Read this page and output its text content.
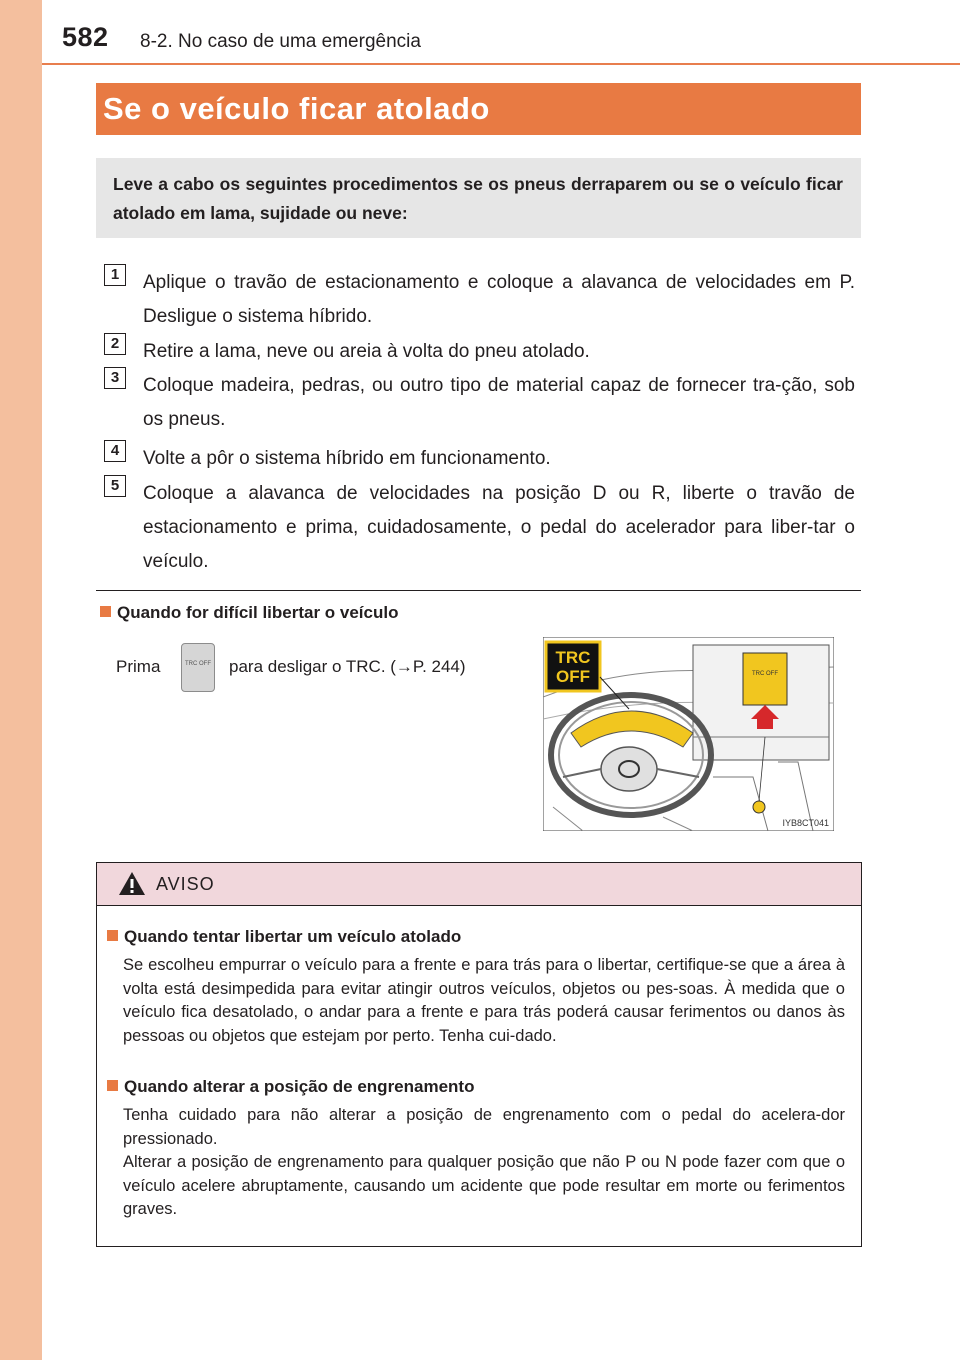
582 8-2. No caso de uma emergência
Se o veículo ficar atolado
Leve a cabo os seguintes procedimentos se os pneus derraparem ou se o veículo ficar atolado em lama, sujidade ou neve:
1	Aplique o travão de estacionamento e coloque a alavanca de velocidades em P. Desligue o sistema híbrido.
2	Retire a lama, neve ou areia à volta do pneu atolado.
3	Coloque madeira, pedras, ou outro tipo de material capaz de fornecer tra-ção, sob os pneus.
4	Volte a pôr o sistema híbrido em funcionamento.
5	Coloque a alavanca de velocidades na posição D ou R, liberte o travão de estacionamento e prima, cuidadosamente, o pedal do acelerador para liber-tar o veículo.
Quando for difícil libertar o veículo
Prima	TRC OFF para desligar o TRC. (→P. 244)	TRC OFF
TRC
OFF
IYB8CT041
AVISO
Quando tentar libertar um veículo atolado
Se escolheu empurrar o veículo para a frente e para trás para o libertar, certifique-se que a área à volta está desimpedida para evitar atingir outros veículos, objetos ou pes-soas. À medida que o veículo fica desatolado, o andar para a frente e para trás poderá causar ferimentos ou danos às pessoas ou objetos que estejam por perto. Tenha cui-dado.
Quando alterar a posição de engrenamento
Tenha cuidado para não alterar a posição de engrenamento com o pedal do acelera-dor pressionado.
Alterar a posição de engrenamento para qualquer posição que não P ou N pode fazer com que o veículo acelere abruptamente, causando um acidente que pode resultar em morte ou ferimentos graves.
